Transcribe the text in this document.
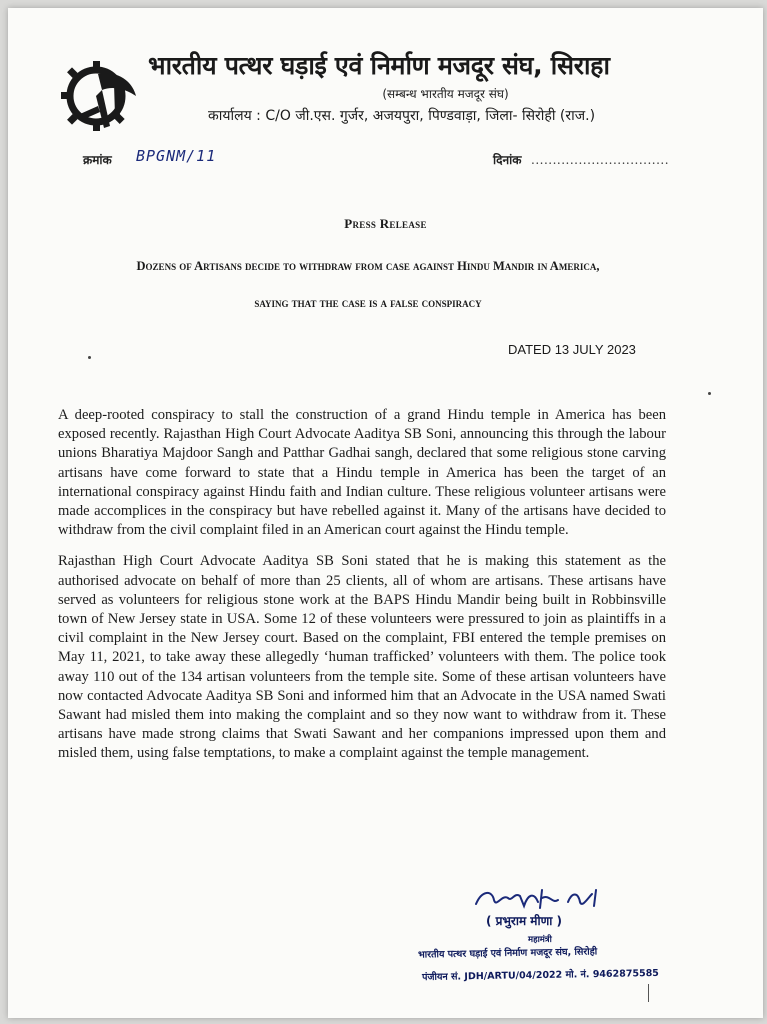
भारतीय पत्थर घड़ाई एवं निर्माण मजदूर संघ, सिराहा
(सम्बन्ध भारतीय मजदूर संघ)
कार्यालय : C/O जी.एस. गुर्जर, अजयपुरा, पिण्डवाड़ा, जिला- सिरोही (राज.)
क्रमांक BPGNM/11	दिनांक ................................
Press Release
Dozens of Artisans decide to withdraw from case against Hindu Mandir in America,
saying that the case is a false conspiracy
DATED 13 JULY 2023

A deep-rooted conspiracy to stall the construction of a grand Hindu temple in America has been exposed recently. Rajasthan High Court Advocate Aaditya SB Soni, announcing this through the labour unions Bharatiya Majdoor Sangh and Patthar Gadhai sangh, declared that some religious stone carving artisans have come forward to state that a Hindu temple in America has been the target of an international conspiracy against Hindu faith and Indian culture. These religious volunteer artisans were made accomplices in the conspiracy but have rebelled against it. Many of the artisans have decided to withdraw from the civil complaint filed in an American court against the Hindu temple.

Rajasthan High Court Advocate Aaditya SB Soni stated that he is making this statement as the authorised advocate on behalf of more than 25 clients, all of whom are artisans. These artisans have served as volunteers for religious stone work at the BAPS Hindu Mandir being built in Robbinsville town of New Jersey state in USA. Some 12 of these volunteers were pressured to join as plaintiffs in a civil complaint in the New Jersey court. Based on the complaint, FBI entered the temple premises on May 11, 2021, to take away these allegedly ‘human trafficked’ volunteers with them. The police took away 110 out of the 134 artisan volunteers from the temple site. Some of these artisan volunteers have now contacted Advocate Aaditya SB Soni and informed him that an Advocate in the USA named Swati Sawant had misled them into making the complaint and so they now want to withdraw from it. These artisans have made strong claims that Swati Sawant and her companions impressed upon them and misled them, using false temptations, to make a complaint against the temple management.

( प्रभुराम मीणा )
महामंत्री
भारतीय पत्थर घड़ाई एवं निर्माण मजदूर संघ, सिरोही
पंजीयन सं. JDH/ARTU/04/2022 मो. नं. 9462875585
